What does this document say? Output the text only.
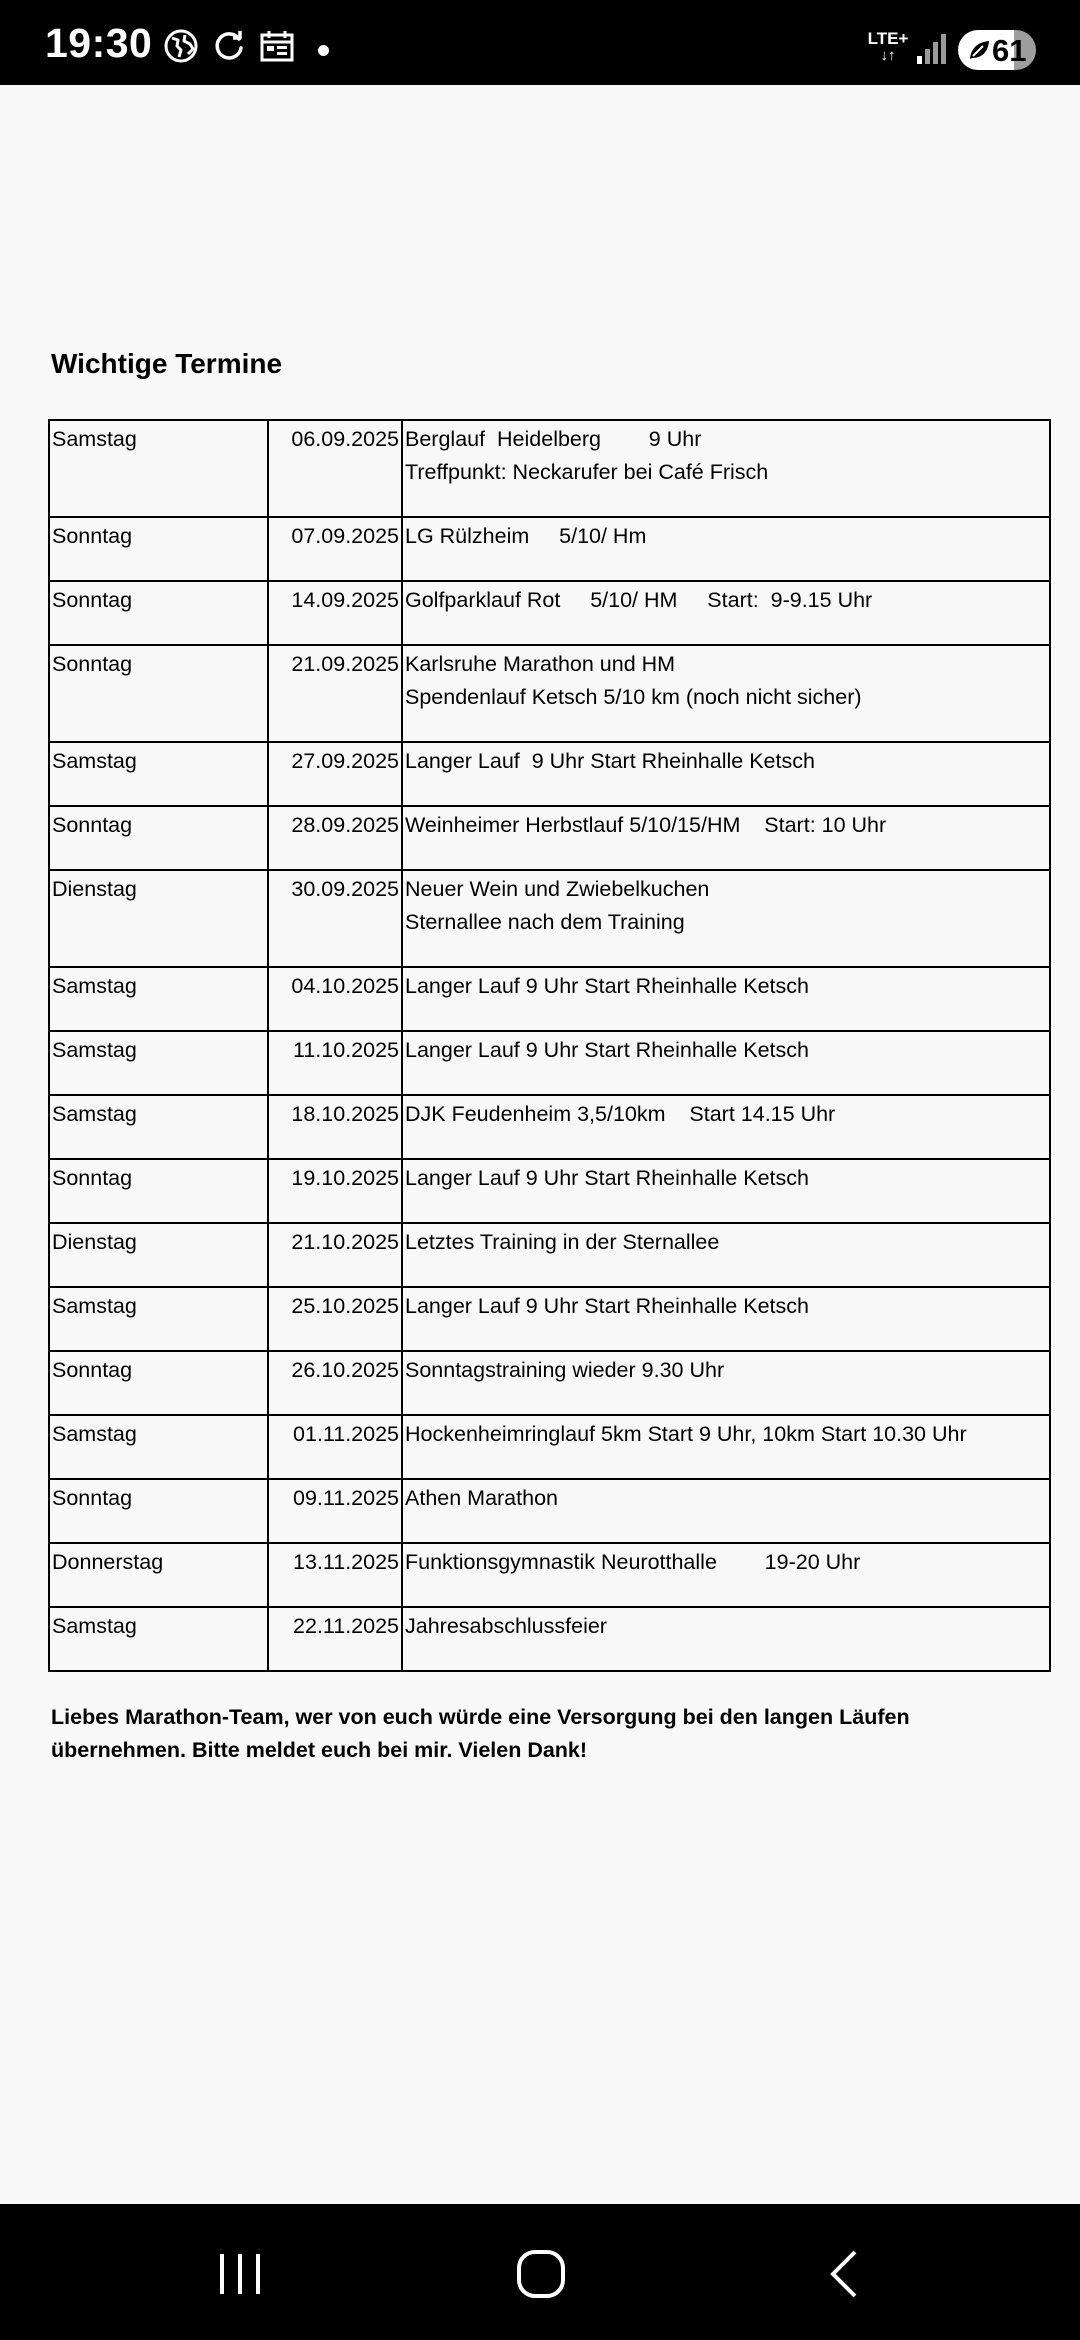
19:30	LTE+
↓↑	61
Wichtige Termine
Samstag	06.09.2025	Berglauf  Heidelberg        9 Uhr
Treffpunkt: Neckarufer bei Café Frisch

Sonntag	07.09.2025	LG Rülzheim     5/10/ Hm

Sonntag	14.09.2025	Golfparklauf Rot     5/10/ HM     Start:  9-9.15 Uhr

Sonntag	21.09.2025	Karlsruhe Marathon und HM
Spendenlauf Ketsch 5/10 km (noch nicht sicher)

Samstag	27.09.2025	Langer Lauf  9 Uhr Start Rheinhalle Ketsch

Sonntag	28.09.2025	Weinheimer Herbstlauf 5/10/15/HM    Start: 10 Uhr

Dienstag	30.09.2025	Neuer Wein und Zwiebelkuchen
Sternallee nach dem Training

Samstag	04.10.2025	Langer Lauf 9 Uhr Start Rheinhalle Ketsch

Samstag	11.10.2025	Langer Lauf 9 Uhr Start Rheinhalle Ketsch

Samstag	18.10.2025	DJK Feudenheim 3,5/10km    Start 14.15 Uhr

Sonntag	19.10.2025	Langer Lauf 9 Uhr Start Rheinhalle Ketsch

Dienstag	21.10.2025	Letztes Training in der Sternallee

Samstag	25.10.2025	Langer Lauf 9 Uhr Start Rheinhalle Ketsch

Sonntag	26.10.2025	Sonntagstraining wieder 9.30 Uhr

Samstag	01.11.2025	Hockenheimringlauf 5km Start 9 Uhr, 10km Start 10.30 Uhr

Sonntag	09.11.2025	Athen Marathon

Donnerstag	13.11.2025	Funktionsgymnastik Neurotthalle        19-20 Uhr

Samstag	22.11.2025	Jahresabschlussfeier
Liebes Marathon-Team, wer von euch würde eine Versorgung bei den langen Läufen übernehmen. Bitte meldet euch bei mir. Vielen Dank!
